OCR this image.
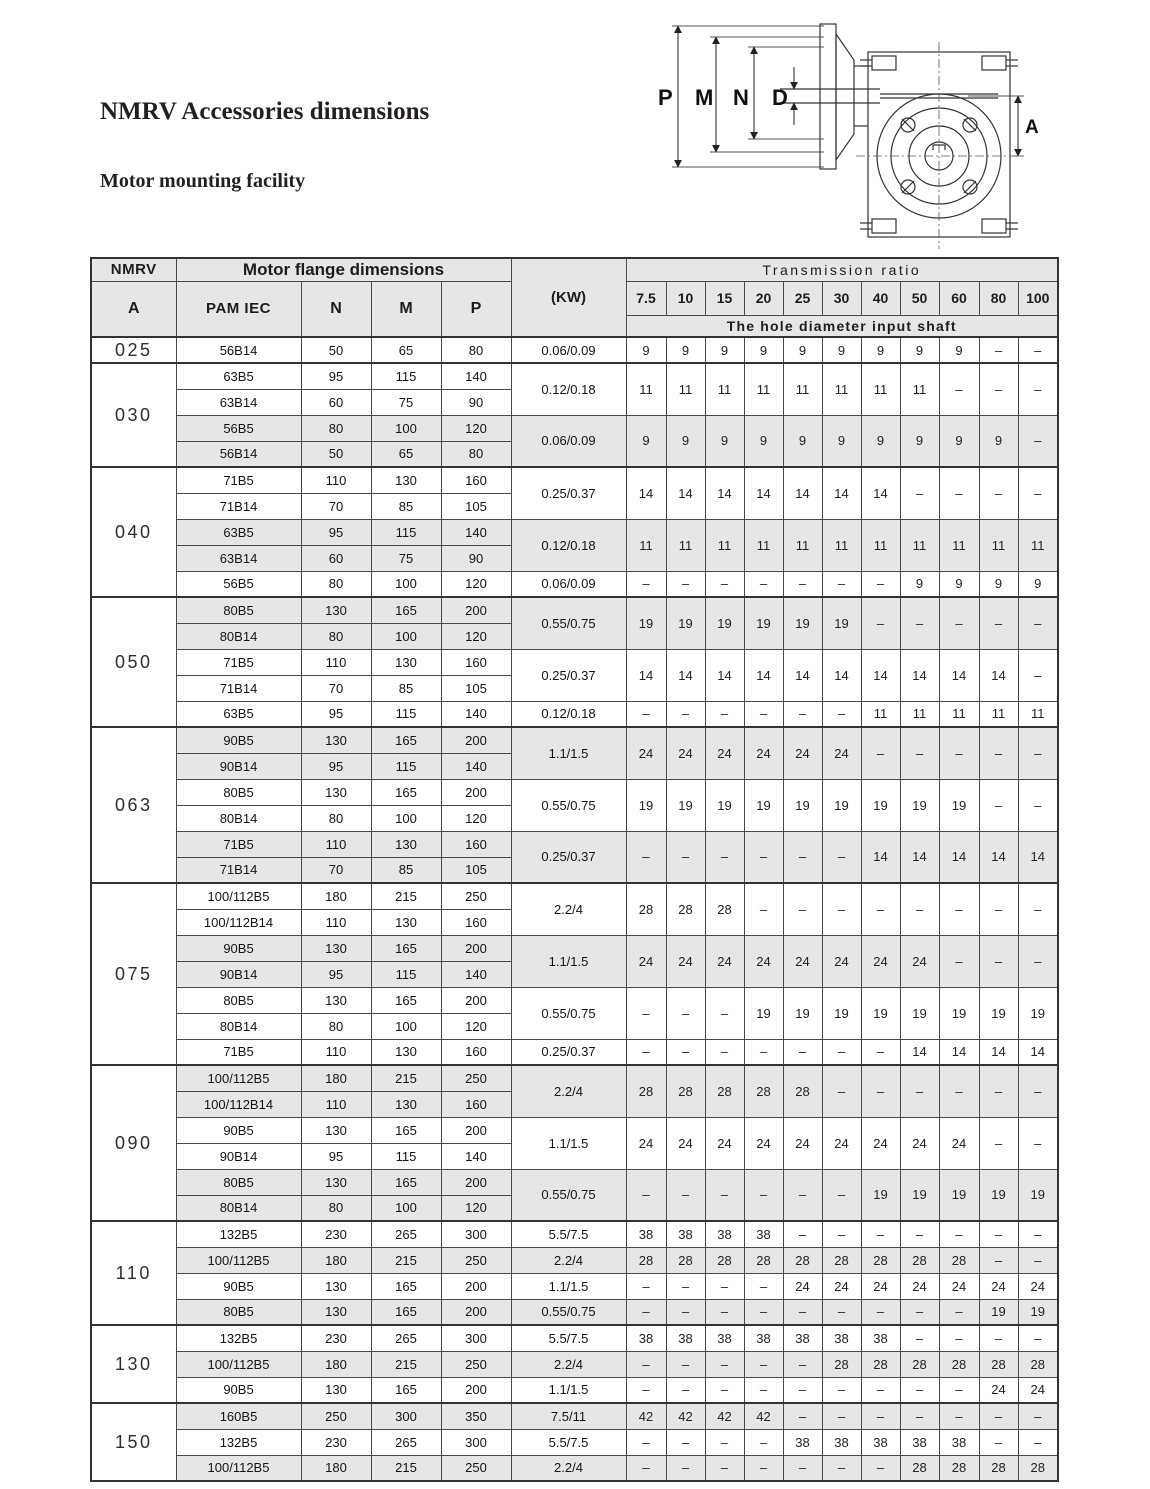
NMRV Accessories dimensions
Motor mounting facility
P M N D
A
NMRV	Motor flange dimensions				(KW)	Transmission ratio										
A	PAM IEC	N	M	P		7.5	10	15	20	25	30	40	50	60	80	100
						The hole diameter input shaft										
025	56B14	50	65	80	0.06/0.09	9	9	9	9	9	9	9	9	9	–	–
030	63B5	95	115	140	0.12/0.18	11	11	11	11	11	11	11	11	–	–	–
	63B14	60	75	90												
	56B5	80	100	120	0.06/0.09	9	9	9	9	9	9	9	9	9	9	–
	56B14	50	65	80												
040	71B5	110	130	160	0.25/0.37	14	14	14	14	14	14	14	–	–	–	–
	71B14	70	85	105												
	63B5	95	115	140	0.12/0.18	11	11	11	11	11	11	11	11	11	11	11
	63B14	60	75	90												
	56B5	80	100	120	0.06/0.09	–	–	–	–	–	–	–	9	9	9	9
050	80B5	130	165	200	0.55/0.75	19	19	19	19	19	19	–	–	–	–	–
	80B14	80	100	120												
	71B5	110	130	160	0.25/0.37	14	14	14	14	14	14	14	14	14	14	–
	71B14	70	85	105												
	63B5	95	115	140	0.12/0.18	–	–	–	–	–	–	11	11	11	11	11
063	90B5	130	165	200	1.1/1.5	24	24	24	24	24	24	–	–	–	–	–
	90B14	95	115	140												
	80B5	130	165	200	0.55/0.75	19	19	19	19	19	19	19	19	19	–	–
	80B14	80	100	120												
	71B5	110	130	160	0.25/0.37	–	–	–	–	–	–	14	14	14	14	14
	71B14	70	85	105												
075	100/112B5	180	215	250	2.2/4	28	28	28	–	–	–	–	–	–	–	–
	100/112B14	110	130	160												
	90B5	130	165	200	1.1/1.5	24	24	24	24	24	24	24	24	–	–	–
	90B14	95	115	140												
	80B5	130	165	200	0.55/0.75	–	–	–	19	19	19	19	19	19	19	19
	80B14	80	100	120												
	71B5	110	130	160	0.25/0.37	–	–	–	–	–	–	–	14	14	14	14
090	100/112B5	180	215	250	2.2/4	28	28	28	28	28	–	–	–	–	–	–
	100/112B14	110	130	160												
	90B5	130	165	200	1.1/1.5	24	24	24	24	24	24	24	24	24	–	–
	90B14	95	115	140												
	80B5	130	165	200	0.55/0.75	–	–	–	–	–	–	19	19	19	19	19
	80B14	80	100	120												
110	132B5	230	265	300	5.5/7.5	38	38	38	38	–	–	–	–	–	–	–
	100/112B5	180	215	250	2.2/4	28	28	28	28	28	28	28	28	28	–	–
	90B5	130	165	200	1.1/1.5	–	–	–	–	24	24	24	24	24	24	24
	80B5	130	165	200	0.55/0.75	–	–	–	–	–	–	–	–	–	19	19
130	132B5	230	265	300	5.5/7.5	38	38	38	38	38	38	38	–	–	–	–
	100/112B5	180	215	250	2.2/4	–	–	–	–	–	28	28	28	28	28	28
	90B5	130	165	200	1.1/1.5	–	–	–	–	–	–	–	–	–	24	24
150	160B5	250	300	350	7.5/11	42	42	42	42	–	–	–	–	–	–	–
	132B5	230	265	300	5.5/7.5	–	–	–	–	38	38	38	38	38	–	–
	100/112B5	180	215	250	2.2/4	–	–	–	–	–	–	–	28	28	28	28
